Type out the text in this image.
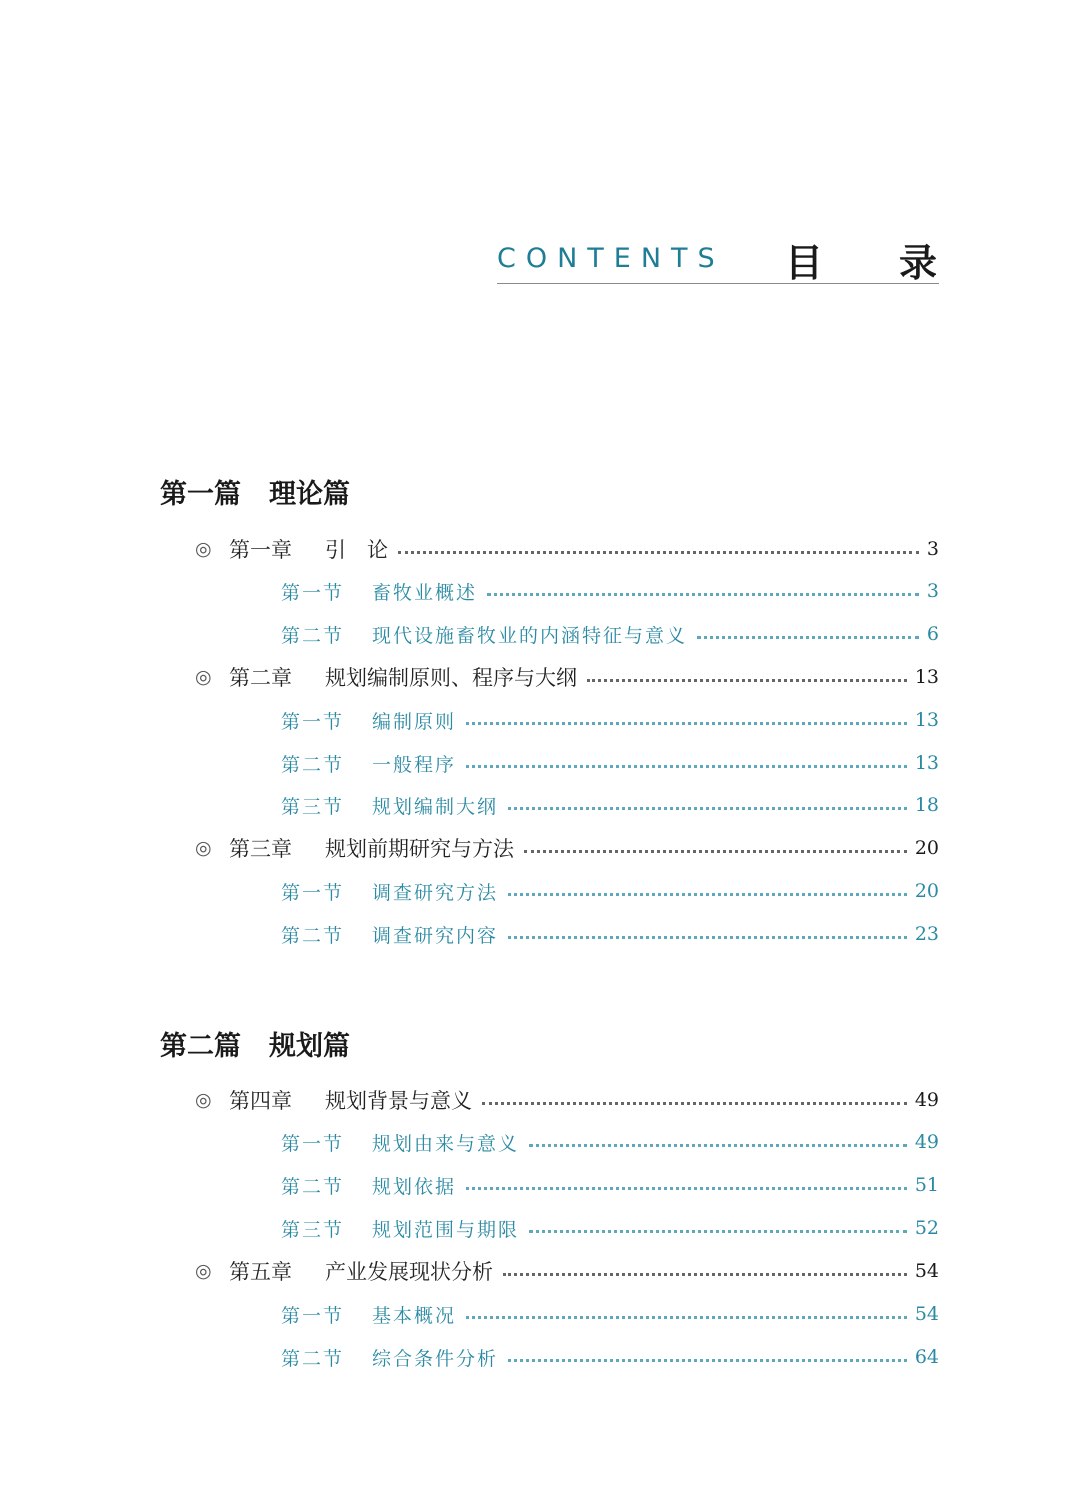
CONTENTS 目 录
第一篇 理论篇
◎ 第一章	引　论	3
第一节	畜牧业概述	3
第二节	现代设施畜牧业的内涵特征与意义	6
◎ 第二章	规划编制原则、程序与大纲	13
第一节	编制原则	13
第二节	一般程序	13
第三节	规划编制大纲	18
◎ 第三章	规划前期研究与方法	20
第一节	调查研究方法	20
第二节	调查研究内容	23
第二篇 规划篇
◎ 第四章	规划背景与意义	49
第一节	规划由来与意义	49
第二节	规划依据	51
第三节	规划范围与期限	52
◎ 第五章	产业发展现状分析	54
第一节	基本概况	54
第二节	综合条件分析	64
